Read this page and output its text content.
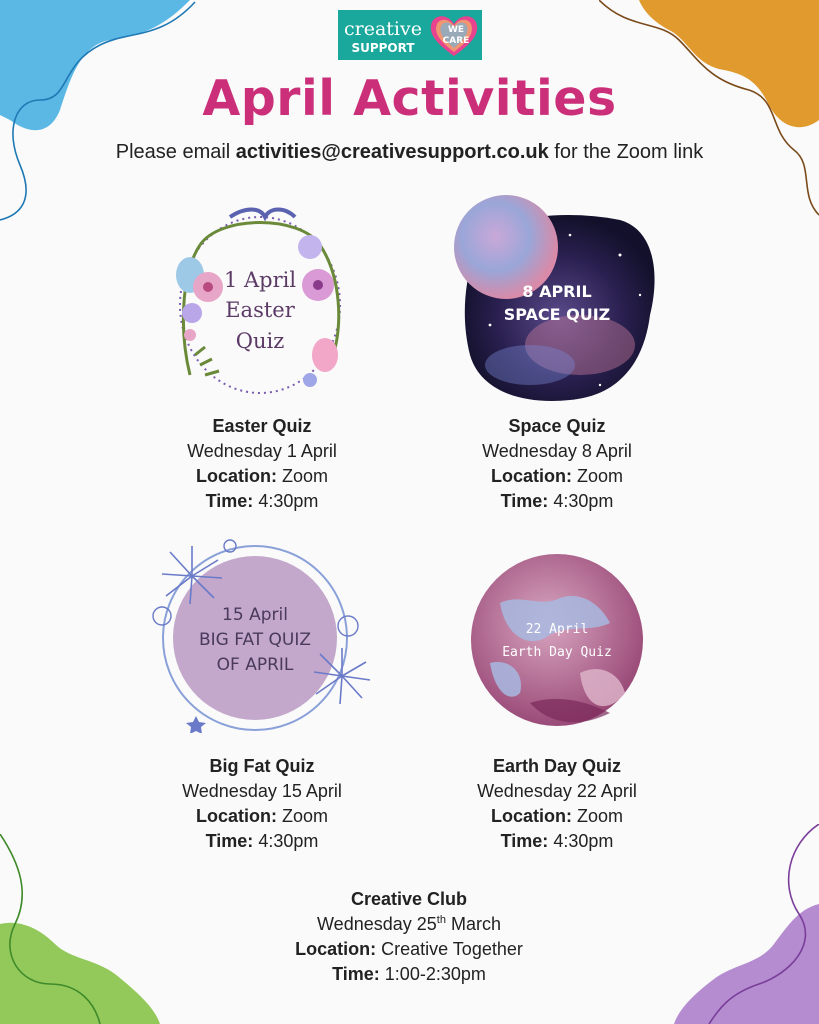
creative
SUPPORT
WE
CARE
April Activities
Please email activities@creativesupport.co.uk for the Zoom link
1 April
Easter
Quiz
8 APRIL
SPACE QUIZ
15 April
BIG FAT QUIZ
OF APRIL
22 April
Earth Day Quiz
Easter Quiz
Wednesday 1 April
Location: Zoom
Time: 4:30pm
Space Quiz
Wednesday 8 April
Location: Zoom
Time: 4:30pm
Big Fat Quiz
Wednesday 15 April
Location: Zoom
Time: 4:30pm
Earth Day Quiz
Wednesday 22 April
Location: Zoom
Time: 4:30pm
Creative Club
Wednesday 25th March
Location: Creative Together
Time: 1:00-2:30pm
